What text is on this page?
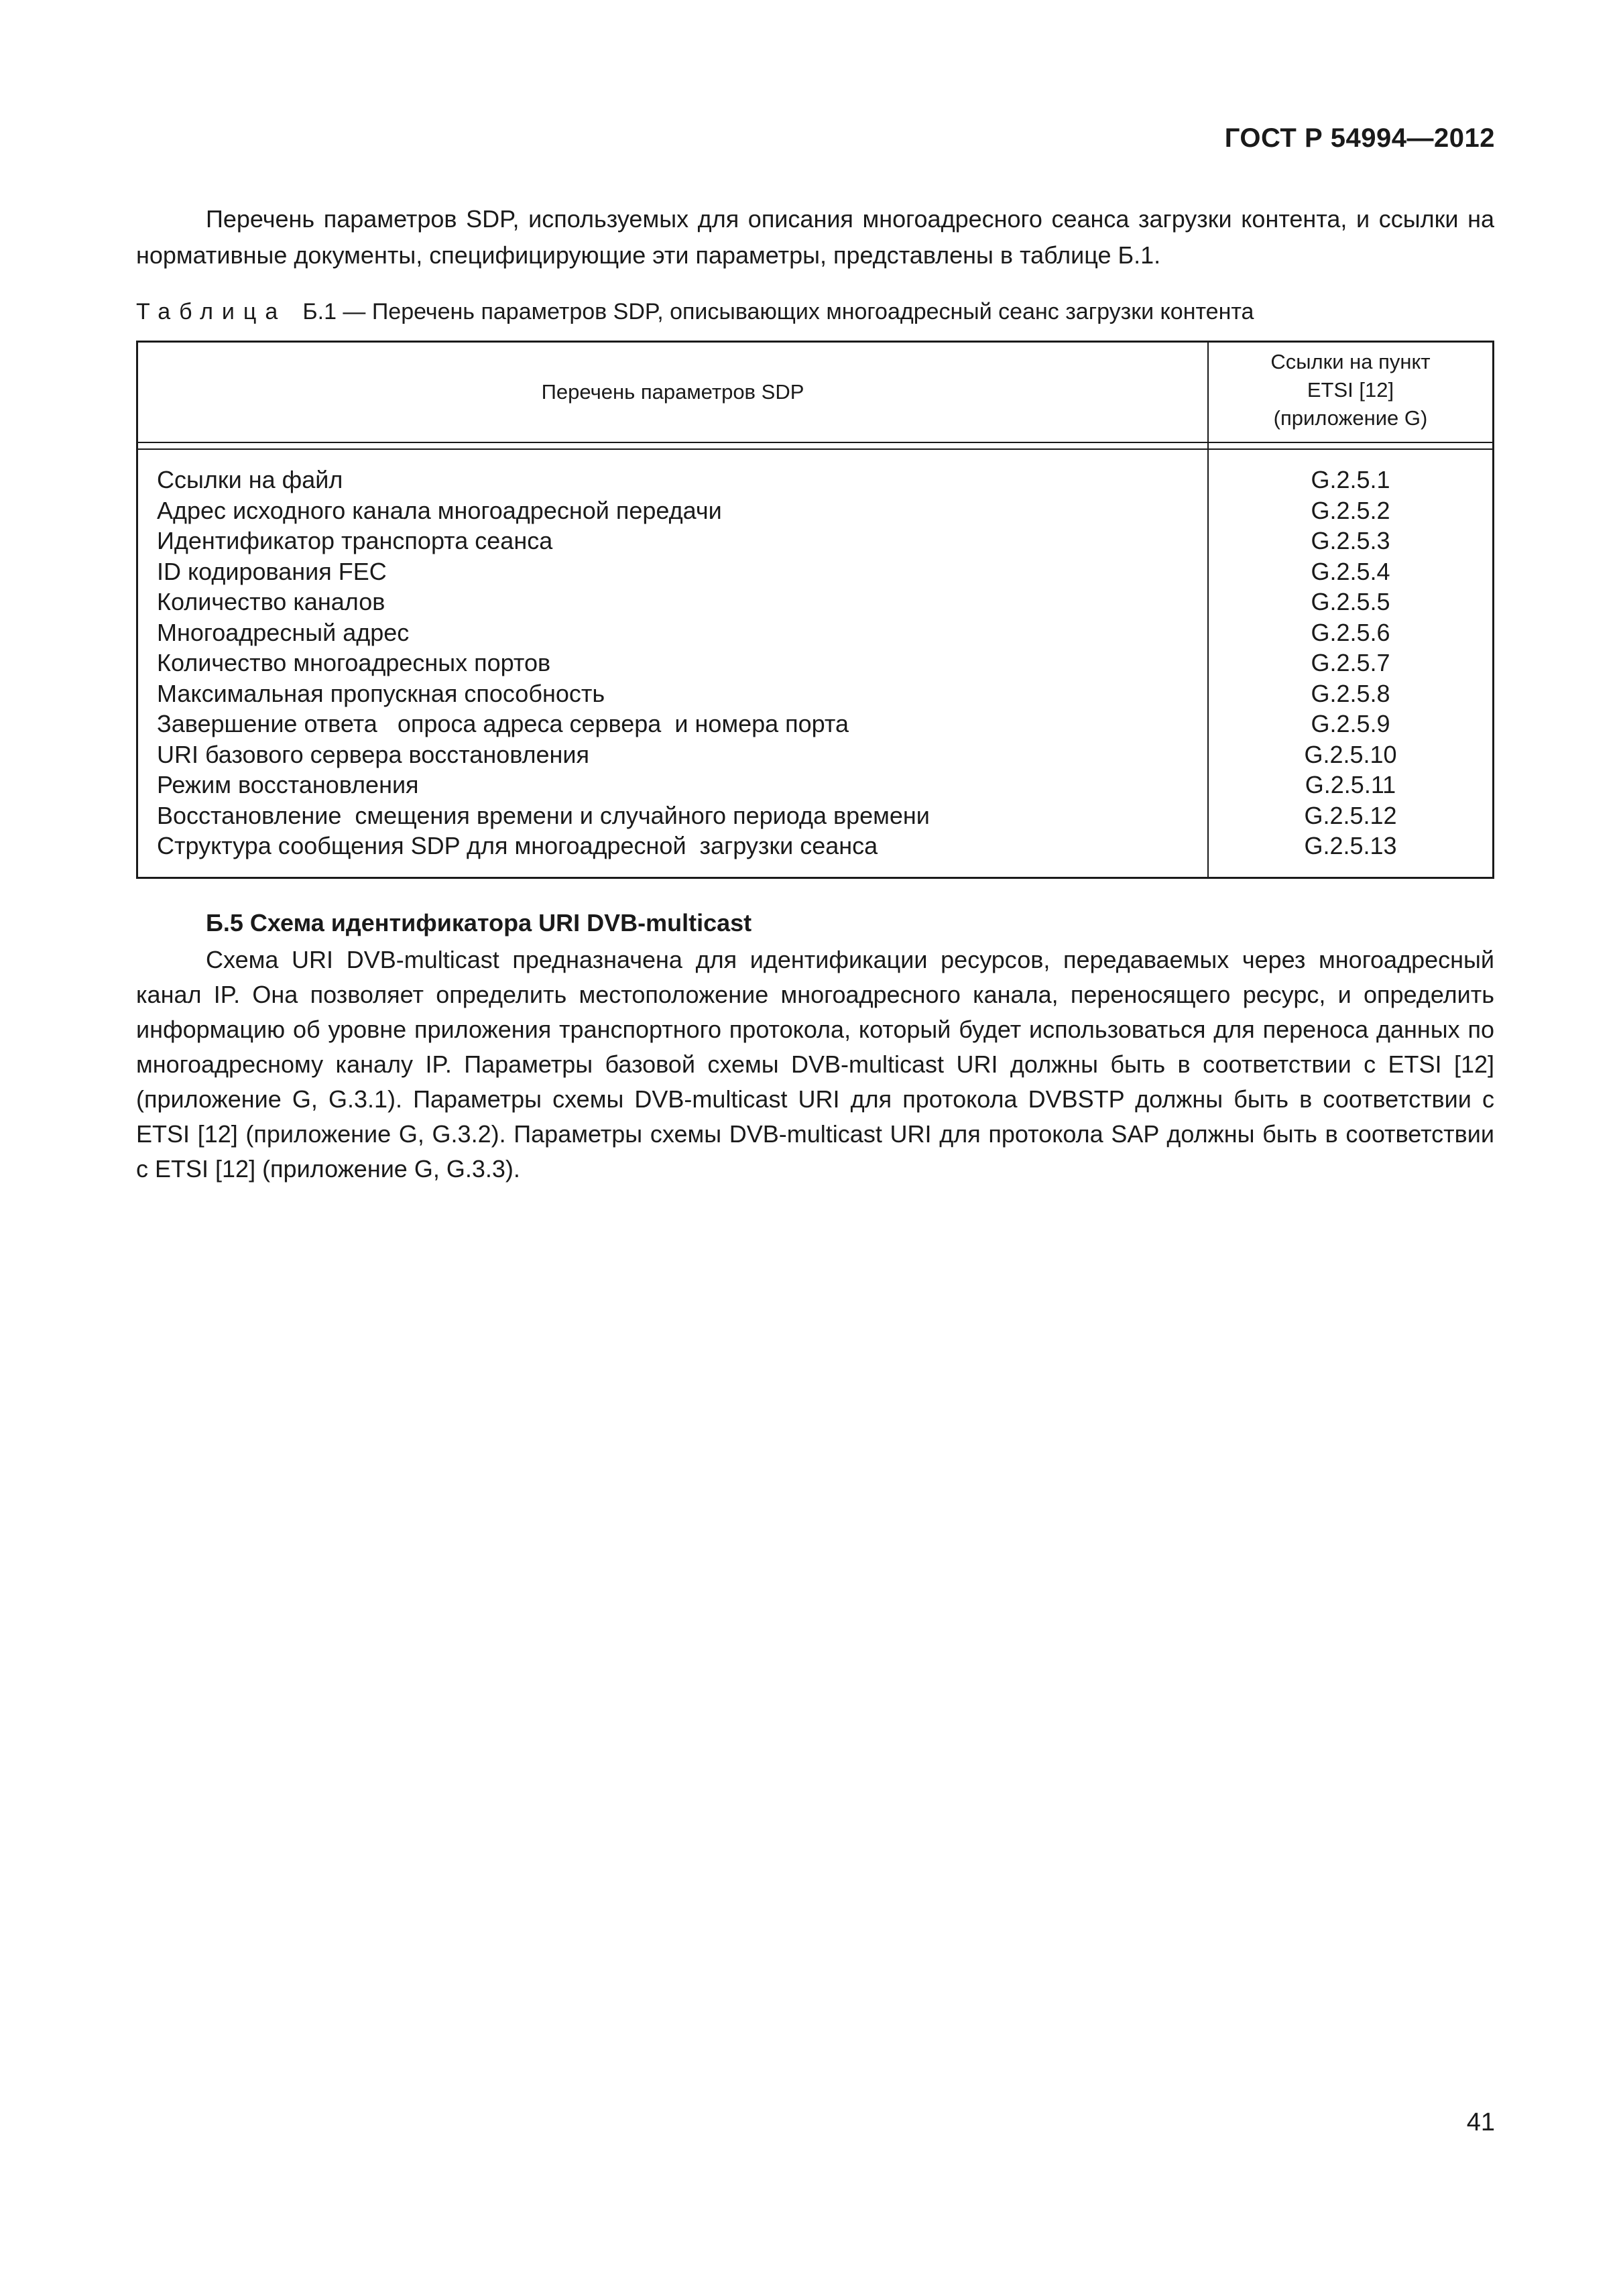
ГОСТ Р 54994—2012

Перечень параметров SDP, используемых для описания многоадресного сеанса загрузки контента, и ссылки на нормативные документы, специфицирующие эти параметры, представлены в таблице Б.1.

Таблица Б.1 — Перечень параметров SDP, описывающих многоадресный сеанс загрузки контента
Перечень параметров SDP
Ссылки на пункт
ETSI [12]
(приложение G)
Ссылки на файл	G.2.5.1
Адрес исходного канала многоадресной передачи	G.2.5.2
Идентификатор транспорта сеанса	G.2.5.3
ID кодирования FEC	G.2.5.4
Количество каналов	G.2.5.5
Многоадресный адрес	G.2.5.6
Количество многоадресных портов	G.2.5.7
Максимальная пропускная способность	G.2.5.8
Завершение ответа   опроса адреса сервера  и номера порта	G.2.5.9
URI базового сервера восстановления	G.2.5.10
Режим восстановления	G.2.5.11
Восстановление  смещения времени и случайного периода времени	G.2.5.12
Структура сообщения SDP для многоадресной  загрузки сеанса	G.2.5.13
Б.5 Схема идентификатора URI DVB-multicast

Схема URI DVB-multicast предназначена для идентификации ресурсов, передаваемых через многоадресный канал IP. Она позволяет определить местоположение многоадресного канала, переносящего ресурс, и определить информацию об уровне приложения транспортного протокола, который будет использоваться для переноса данных по многоадресному каналу IP. Параметры базовой схемы DVB-multicast URI должны быть в соответствии с ETSI [12] (приложение G, G.3.1). Параметры схемы DVB-multicast URI для протокола DVBSTP должны быть в соответствии с ETSI [12] (приложение G, G.3.2). Параметры схемы DVB-multicast URI для протокола SAP должны быть в соответствии с ETSI [12] (приложение G, G.3.3).

41
